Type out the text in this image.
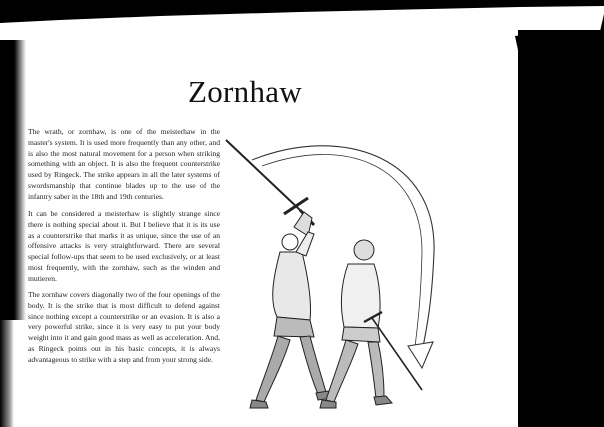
Zornhaw

The wrath, or zornhaw, is one of the meisterhaw in the master's system. It is used more frequently than any other, and is also the most natural movement for a person when striking something with an object. It is also the frequent counterstrike used by Ringeck. The strike appears in all the later systems of swordsmanship that continue blades up to the use of the infantry saber in the 18th and 19th centuries.

It can be considered a meisterhaw is slightly strange since there is nothing special about it. But I believe that it is its use as a counterstrike that marks it as unique, since the use of an offensive attacks is very straightforward. There are several special follow-ups that seem to be used exclusively, or at least most frequently, with the zornhaw, such as the winden and mutieren.

The zornhaw covers diagonally two of the four openings of the body. It is the strike that is most difficult to defend against since nothing except a counterstrike or an evasion. It is also a very powerful strike, since it is very easy to put your body weight into it and gain good mass as well as acceleration. And, as Ringeck points out in his basic concepts, it is always advantageous to strike with a step and from your strong side.
